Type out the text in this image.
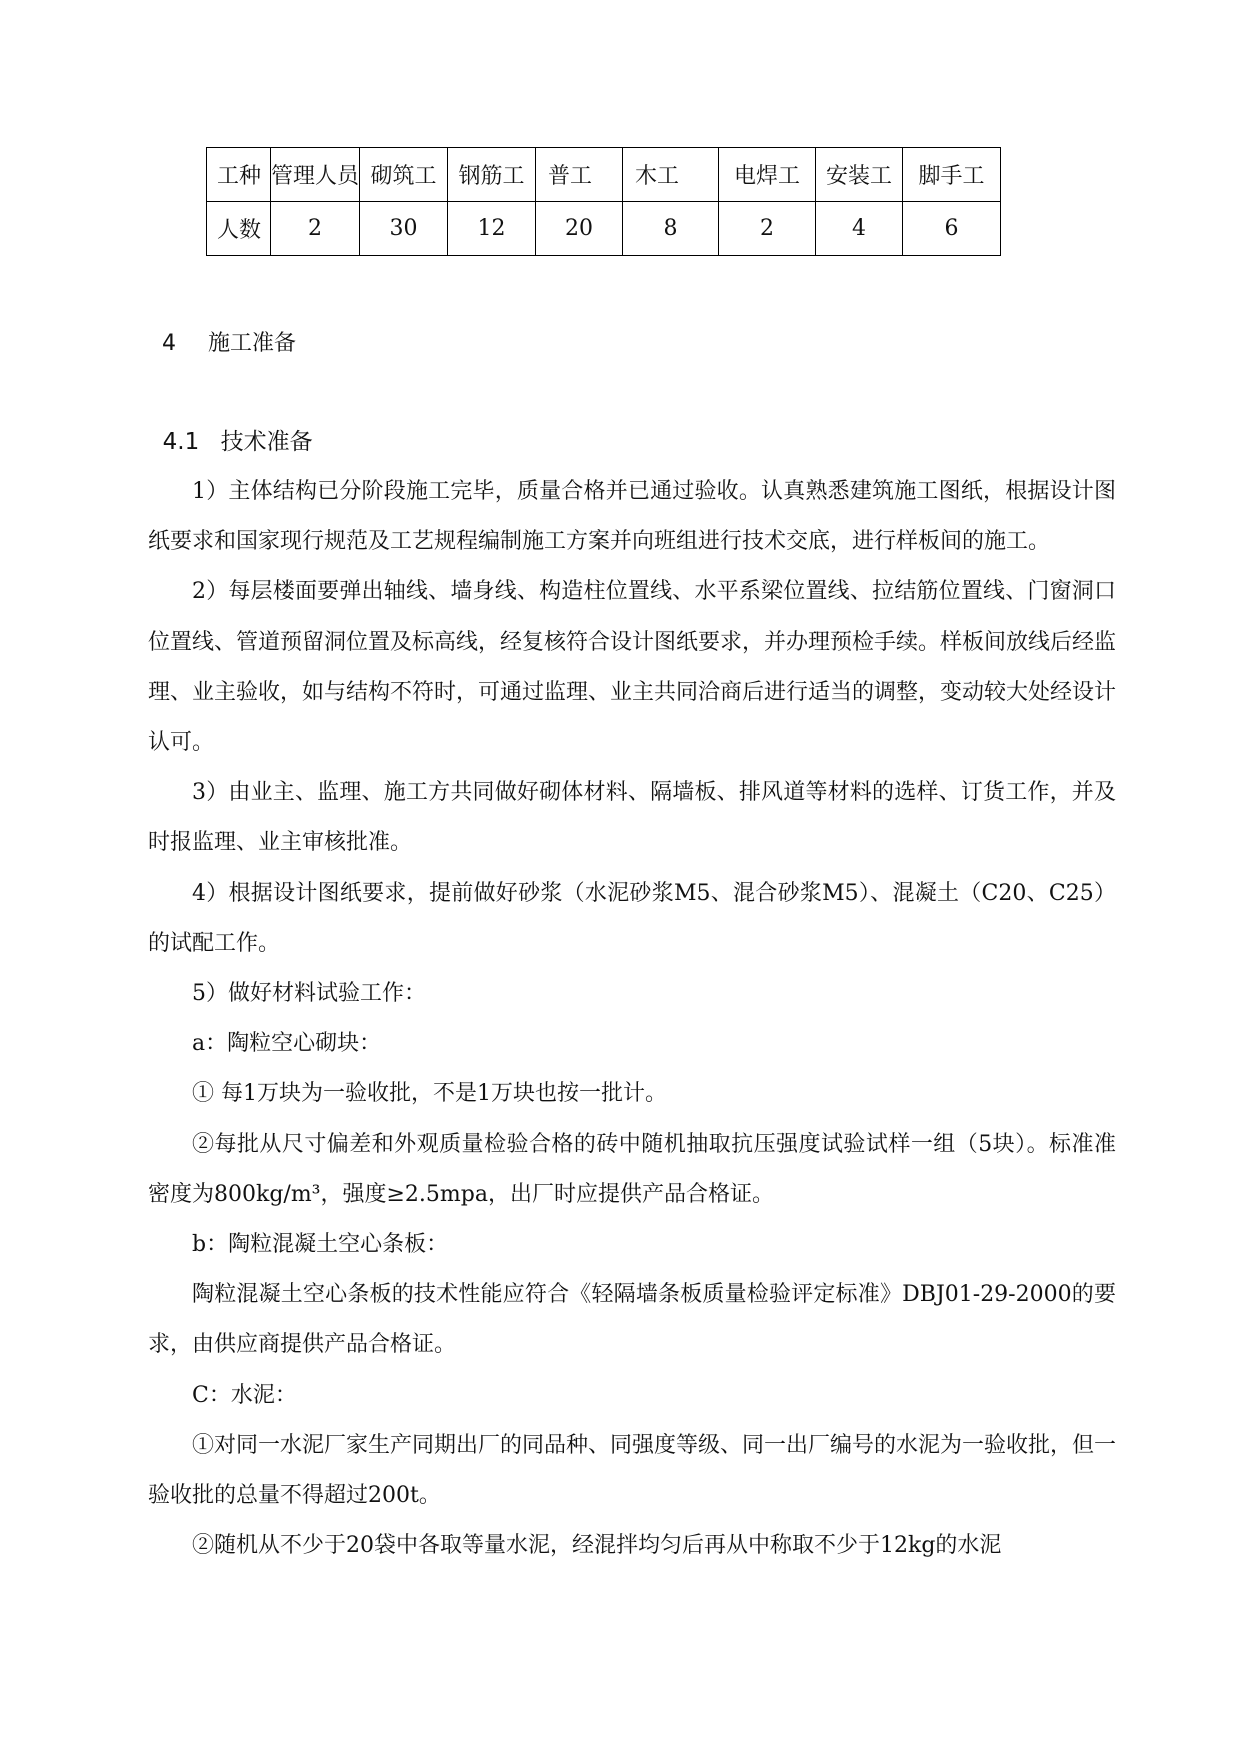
工种	管理人员	砌筑工	钢筋工	普工	木工	电焊工	安装工	脚手工
人数	2	30	12	20	8	2	4	6

4 施工准备

4.1 技术准备

1）主体结构已分阶段施工完毕，质量合格并已通过验收。认真熟悉建筑施工图纸，根据设计图纸要求和国家现行规范及工艺规程编制施工方案并向班组进行技术交底，进行样板间的施工。

2）每层楼面要弹出轴线、墙身线、构造柱位置线、水平系梁位置线、拉结筋位置线、门窗洞口位置线、管道预留洞位置及标高线，经复核符合设计图纸要求，并办理预检手续。样板间放线后经监理、业主验收，如与结构不符时，可通过监理、业主共同洽商后进行适当的调整，变动较大处经设计认可。

3）由业主、监理、施工方共同做好砌体材料、隔墙板、排风道等材料的选样、订货工作，并及时报监理、业主审核批准。

4）根据设计图纸要求，提前做好砂浆（水泥砂浆M5、混合砂浆M5）、混凝土（C20、C25）的试配工作。

5）做好材料试验工作：

a：陶粒空心砌块：

① 每1万块为一验收批，不是1万块也按一批计。

②每批从尺寸偏差和外观质量检验合格的砖中随机抽取抗压强度试验试样一组（5块）。标准准密度为800kg/m³，强度≥2.5mpa，出厂时应提供产品合格证。

b：陶粒混凝土空心条板：

陶粒混凝土空心条板的技术性能应符合《轻隔墙条板质量检验评定标准》DBJ01-29-2000的要求，由供应商提供产品合格证。

C：水泥：

①对同一水泥厂家生产同期出厂的同品种、同强度等级、同一出厂编号的水泥为一验收批，但一验收批的总量不得超过200t。

②随机从不少于20袋中各取等量水泥，经混拌均匀后再从中称取不少于12kg的水泥
